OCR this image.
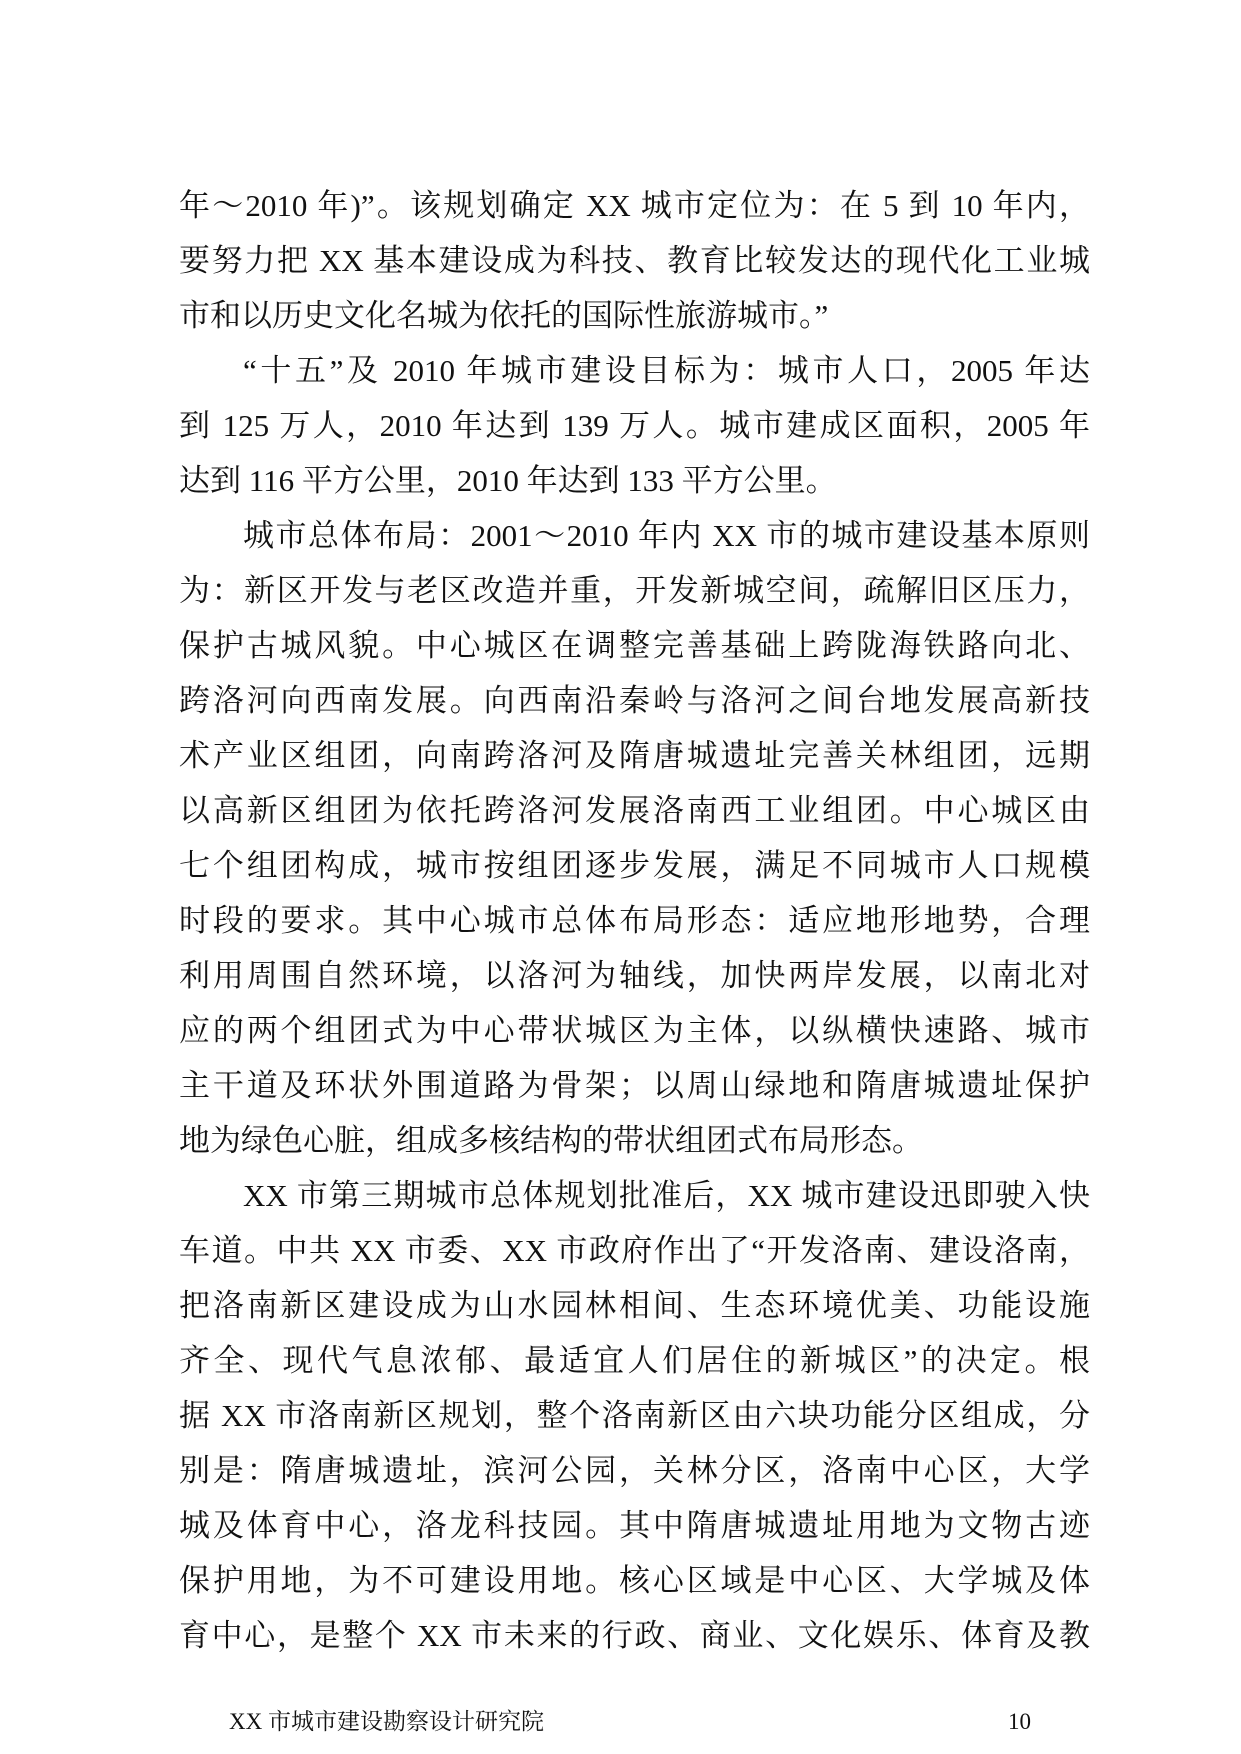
年～2010 年)”。该规划确定 XX 城市定位为：在 5 到 10 年内，
要努力把 XX 基本建设成为科技、教育比较发达的现代化工业城
市和以历史文化名城为依托的国际性旅游城市。”
“十五”及 2010 年城市建设目标为：城市人口，2005 年达
到 125 万人，2010 年达到 139 万人。城市建成区面积，2005 年
达到 116 平方公里，2010 年达到 133 平方公里。
城市总体布局：2001～2010 年内 XX 市的城市建设基本原则
为：新区开发与老区改造并重，开发新城空间，疏解旧区压力，
保护古城风貌。中心城区在调整完善基础上跨陇海铁路向北、
跨洛河向西南发展。向西南沿秦岭与洛河之间台地发展高新技
术产业区组团，向南跨洛河及隋唐城遗址完善关林组团，远期
以高新区组团为依托跨洛河发展洛南西工业组团。中心城区由
七个组团构成，城市按组团逐步发展，满足不同城市人口规模
时段的要求。其中心城市总体布局形态：适应地形地势，合理
利用周围自然环境，以洛河为轴线，加快两岸发展，以南北对
应的两个组团式为中心带状城区为主体，以纵横快速路、城市
主干道及环状外围道路为骨架；以周山绿地和隋唐城遗址保护
地为绿色心脏，组成多核结构的带状组团式布局形态。
XX 市第三期城市总体规划批准后，XX 城市建设迅即驶入快
车道。中共 XX 市委、XX 市政府作出了“开发洛南、建设洛南，
把洛南新区建设成为山水园林相间、生态环境优美、功能设施
齐全、现代气息浓郁、最适宜人们居住的新城区”的决定。根
据 XX 市洛南新区规划，整个洛南新区由六块功能分区组成，分
别是：隋唐城遗址，滨河公园，关林分区，洛南中心区，大学
城及体育中心，洛龙科技园。其中隋唐城遗址用地为文物古迹
保护用地，为不可建设用地。核心区域是中心区、大学城及体
育中心，是整个 XX 市未来的行政、商业、文化娱乐、体育及教
XX 市城市建设勘察设计研究院	10
